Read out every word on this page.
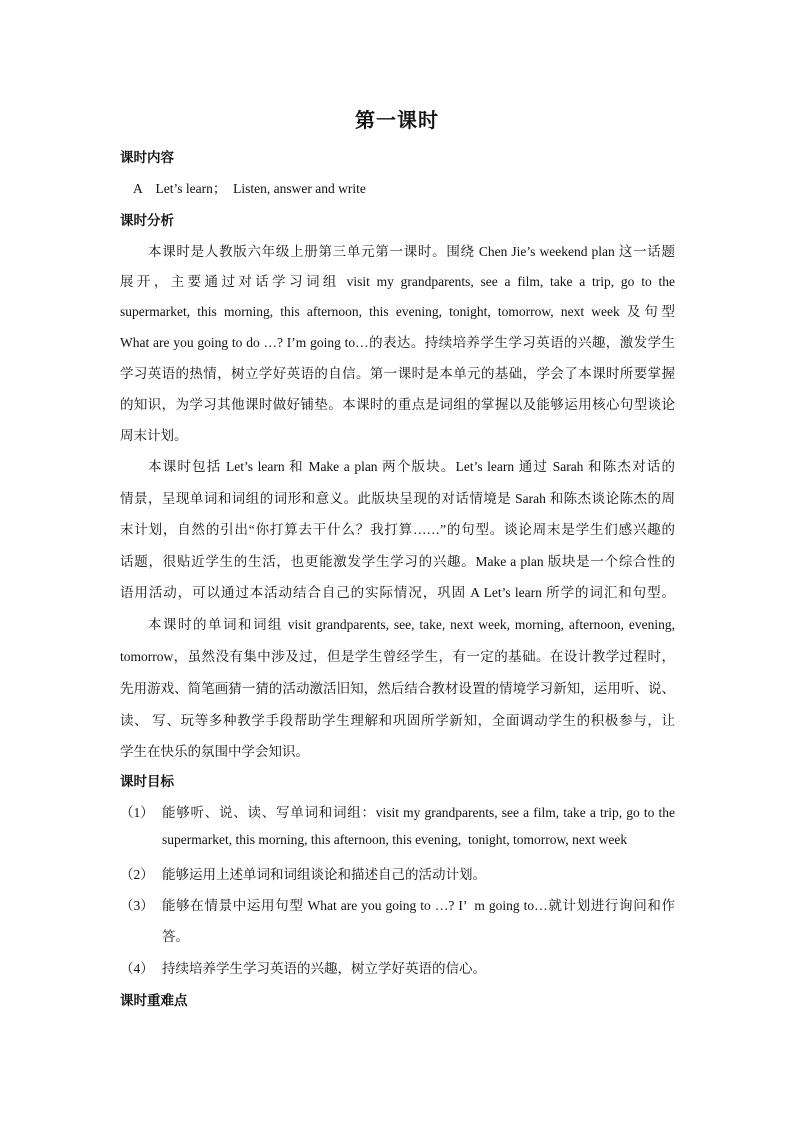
第一课时
课时内容
A    Let’s learn；  Listen, answer and write
课时分析
本课时是人教版六年级上册第三单元第一课时。围绕 Chen Jie’s weekend plan 这一话题
展开，主要通过对话学习词组 visit my grandparents, see a film, take a trip, go to the
supermarket, this morning, this afternoon, this evening, tonight, tomorrow, next week 及句型
What are you going to do …? I’m going to…的表达。持续培养学生学习英语的兴趣，激发学生
学习英语的热情，树立学好英语的自信。第一课时是本单元的基础，学会了本课时所要掌握
的知识，为学习其他课时做好铺垫。本课时的重点是词组的掌握以及能够运用核心句型谈论
周末计划。
本课时包括 Let’s learn 和 Make a plan 两个版块。Let’s learn 通过 Sarah 和陈杰对话的
情景，呈现单词和词组的词形和意义。此版块呈现的对话情境是 Sarah 和陈杰谈论陈杰的周
末计划，自然的引出“你打算去干什么？我打算……”的句型。谈论周末是学生们感兴趣的
话题，很贴近学生的生活，也更能激发学生学习的兴趣。Make a plan 版块是一个综合性的
语用活动，可以通过本活动结合自己的实际情况，巩固 A Let’s learn 所学的词汇和句型。
本课时的单词和词组 visit grandparents, see, take, next week, morning, afternoon, evening,
tomorrow，虽然没有集中涉及过，但是学生曾经学生，有一定的基础。在设计教学过程时，
先用游戏、简笔画猜一猜的活动激活旧知，然后结合教材设置的情境学习新知，运用听、说、
读、 写、玩等多种教学手段帮助学生理解和巩固所学新知，全面调动学生的积极参与，让
学生在快乐的氛围中学会知识。
课时目标
（1） 能够听、说、读、写单词和词组：visit my grandparents, see a film, take a trip, go to the
supermarket, this morning, this afternoon, this evening,  tonight, tomorrow, next week
（2） 能够运用上述单词和词组谈论和描述自己的活动计划。
（3） 能够在情景中运用句型 What are you going to …? I’  m going to…就计划进行询问和作
答。
（4） 持续培养学生学习英语的兴趣，树立学好英语的信心。
课时重难点
